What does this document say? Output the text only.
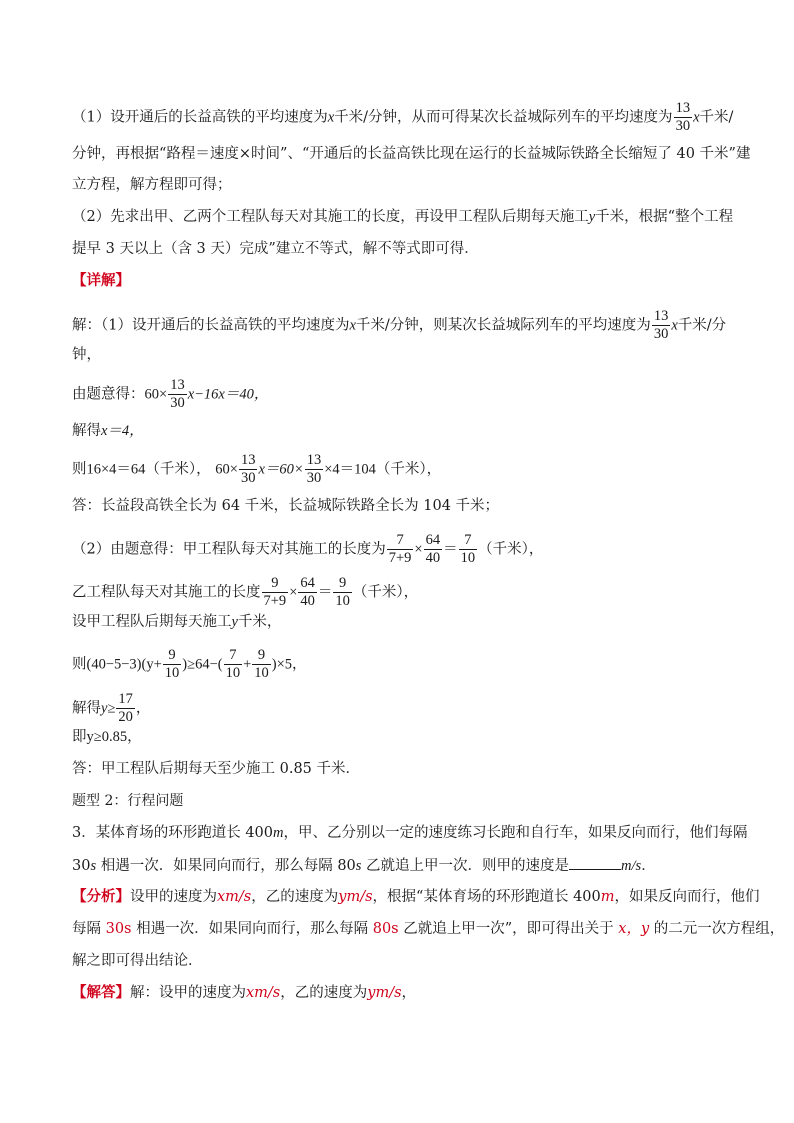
（1）设开通后的长益高铁的平均速度为x千米/分钟，从而可得某次长益城际列车的平均速度为 $\frac{13}{30}$ x千米/
分钟，再根据“路程＝速度×时间”、“开通后的长益高铁比现在运行的长益城际铁路全长缩短了 40 千米”建
立方程，解方程即可得；
（2）先求出甲、乙两个工程队每天对其施工的长度，再设甲工程队后期每天施工y千米，根据“整个工程
提早 3 天以上（含 3 天）完成”建立不等式，解不等式即可得．
【详解】
解：（1）设开通后的长益高铁的平均速度为x千米/分钟，则某次长益城际列车的平均速度为 $\frac{13}{30}$ x千米/分
钟，
由题意得：$60\times \frac{13}{30} x-16x=40$，
解得x＝4，
则16×4＝64（千米）， $60\times \frac{13}{30} x=60\times \frac{13}{30} \times 4=104$（千米），
答：长益段高铁全长为 64 千米，长益城际铁路全长为 104 千米；
（2）由题意得：甲工程队每天对其施工的长度为 $\frac{7}{7+9} \times \frac{64}{40} = \frac{7}{10}$ （千米），
乙工程队每天对其施工的长度 $\frac{9}{7+9} \times \frac{64}{40} = \frac{9}{10}$ （千米），
设甲工程队后期每天施工y千米，
则$(40-5-3)(y+ \frac{9}{10} )\ge 64-( \frac{7}{10} + \frac{9}{10} )\times 5$，
解得$y\ge \frac{17}{20}$ ，
即y≥0.85，
答：甲工程队后期每天至少施工 0.85 千米．
题型 2：行程问题
3．某体育场的环形跑道长 400m，甲、乙分别以一定的速度练习长跑和自行车，如果反向而行，他们每隔
30s 相遇一次．如果同向而行，那么每隔 80s 乙就追上甲一次．则甲的速度是	m/s．
【分析】设甲的速度为xm/s，乙的速度为ym/s，根据“某体育场的环形跑道长 400m，如果反向而行，他们
每隔 30s 相遇一次．如果同向而行，那么每隔 80s 乙就追上甲一次”，即可得出关于 x，y 的二元一次方程组，
解之即可得出结论．
【解答】解：设甲的速度为xm/s，乙的速度为ym/s，
